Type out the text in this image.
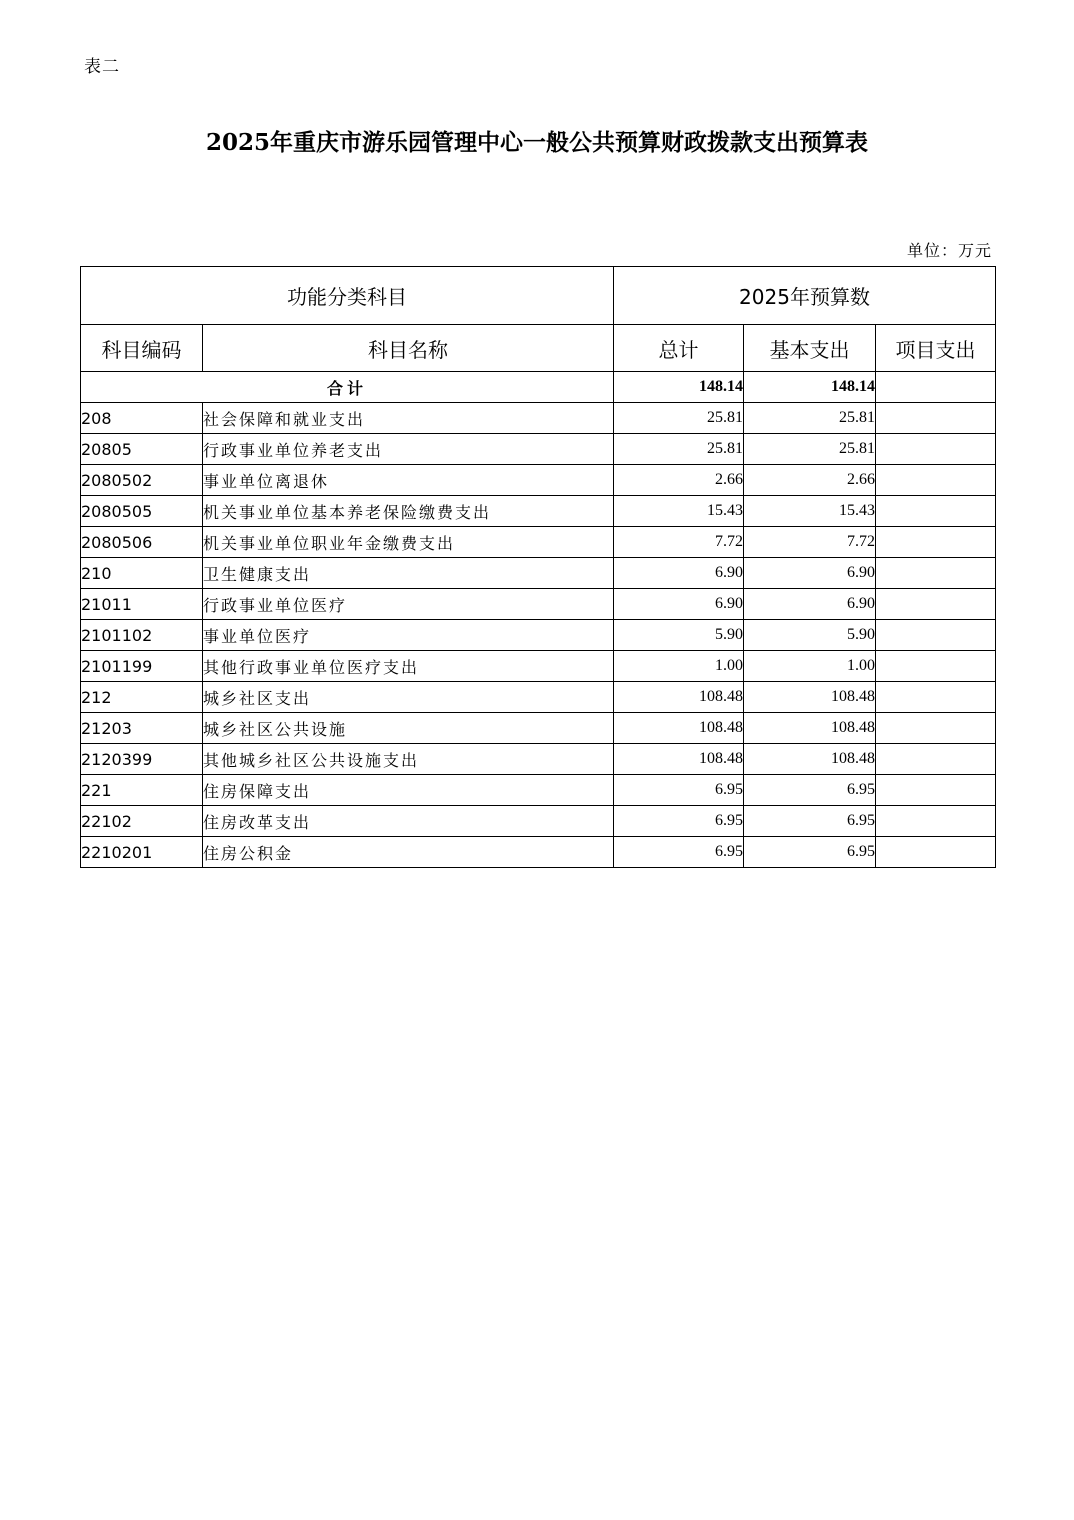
表二
2025年重庆市游乐园管理中心一般公共预算财政拨款支出预算表
单位：万元
功能分类科目		2025年预算数		
科目编码	科目名称	总计	基本支出	项目支出
合计		148.14	148.14	
208	社会保障和就业支出	25.81	25.81	
20805	行政事业单位养老支出	25.81	25.81	
2080502	事业单位离退休	2.66	2.66	
2080505	机关事业单位基本养老保险缴费支出	15.43	15.43	
2080506	机关事业单位职业年金缴费支出	7.72	7.72	
210	卫生健康支出	6.90	6.90	
21011	行政事业单位医疗	6.90	6.90	
2101102	事业单位医疗	5.90	5.90	
2101199	其他行政事业单位医疗支出	1.00	1.00	
212	城乡社区支出	108.48	108.48	
21203	城乡社区公共设施	108.48	108.48	
2120399	其他城乡社区公共设施支出	108.48	108.48	
221	住房保障支出	6.95	6.95	
22102	住房改革支出	6.95	6.95	
2210201	住房公积金	6.95	6.95	
